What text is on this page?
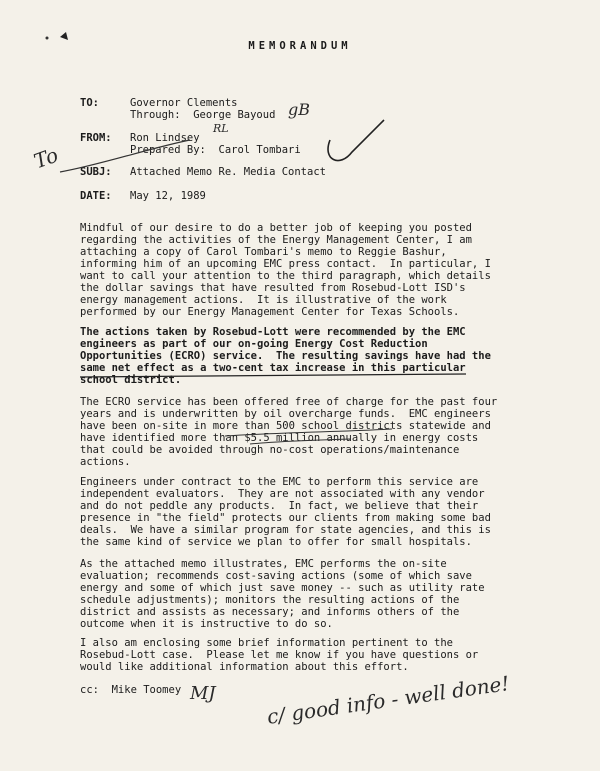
MEMORANDUM
TO:	Governor Clements
Through:  George Bayoud
FROM: Ron Lindsey
Prepared By:  Carol Tombari
SUBJ: Attached Memo Re. Media Contact
DATE: May 12, 1989
Mindful of our desire to do a better job of keeping you posted
regarding the activities of the Energy Management Center, I am
attaching a copy of Carol Tombari's memo to Reggie Bashur,
informing him of an upcoming EMC press contact.  In particular, I
want to call your attention to the third paragraph, which details
the dollar savings that have resulted from Rosebud-Lott ISD's
energy management actions.  It is illustrative of the work
performed by our Energy Management Center for Texas Schools.
The actions taken by Rosebud-Lott were recommended by the EMC
engineers as part of our on-going Energy Cost Reduction
Opportunities (ECRO) service.  The resulting savings have had the
same net effect as a two-cent tax increase in this particular
school district.
The ECRO service has been offered free of charge for the past four
years and is underwritten by oil overcharge funds.  EMC engineers
have been on-site in more than 500 school districts statewide and
have identified more than $5.5 million annually in energy costs
that could be avoided through no-cost operations/maintenance
actions.
Engineers under contract to the EMC to perform this service are
independent evaluators.  They are not associated with any vendor
and do not peddle any products.  In fact, we believe that their
presence in "the field" protects our clients from making some bad
deals.  We have a similar program for state agencies, and this is
the same kind of service we plan to offer for small hospitals.
As the attached memo illustrates, EMC performs the on-site
evaluation; recommends cost-saving actions (some of which save
energy and some of which just save money -- such as utility rate
schedule adjustments); monitors the resulting actions of the
district and assists as necessary; and informs others of the
outcome when it is instructive to do so.
I also am enclosing some brief information pertinent to the
Rosebud-Lott case.  Please let me know if you have questions or
would like additional information about this effort.
cc:  Mike Toomey
To
gB
RL
MJ c/ good info - well done!
